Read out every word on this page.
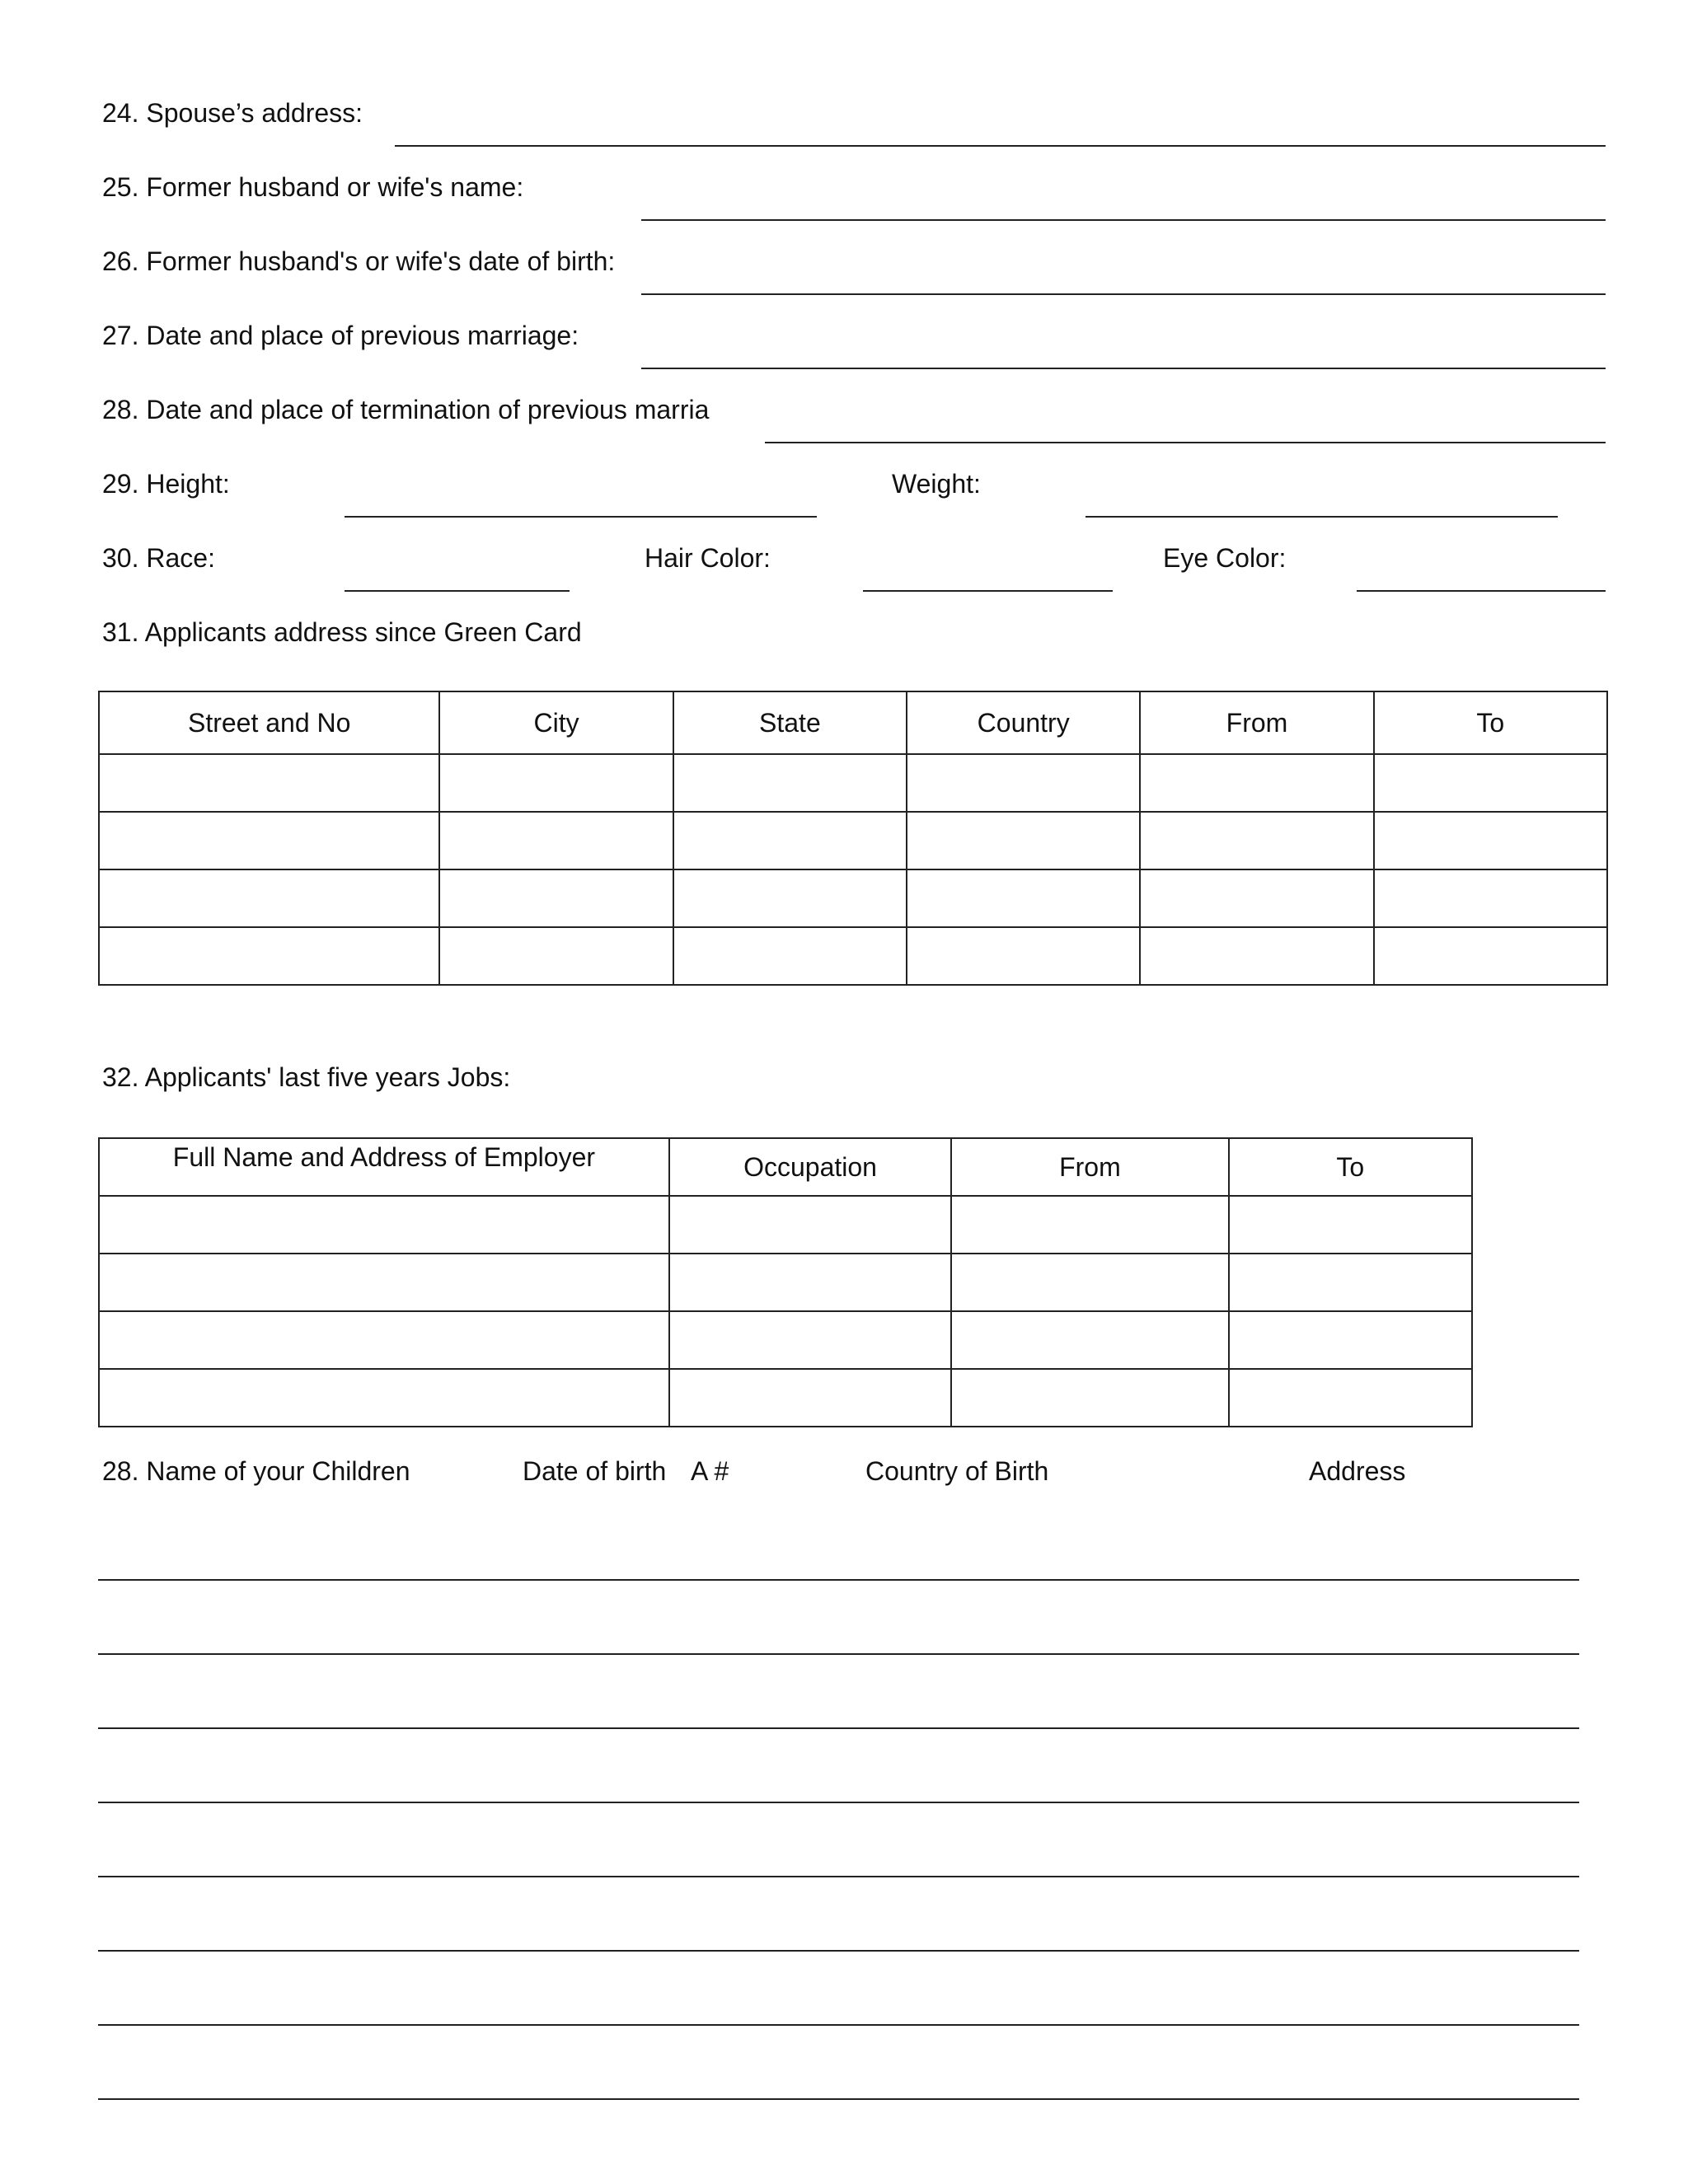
24. Spouse’s address:
25. Former husband or wife's name:
26. Former husband's or wife's date of birth:
27. Date and place of previous marriage:
28. Date and place of termination of previous marria
29. Height:	Weight:
30. Race:	Hair Color:	Eye Color:
31. Applicants address since Green Card
Street and No	City	State	Country	From	To

32. Applicants' last five years Jobs:
Full Name and Address of Employer	Occupation	From	To

28. Name of your Children	Date of birth A #	Country of Birth	Address
